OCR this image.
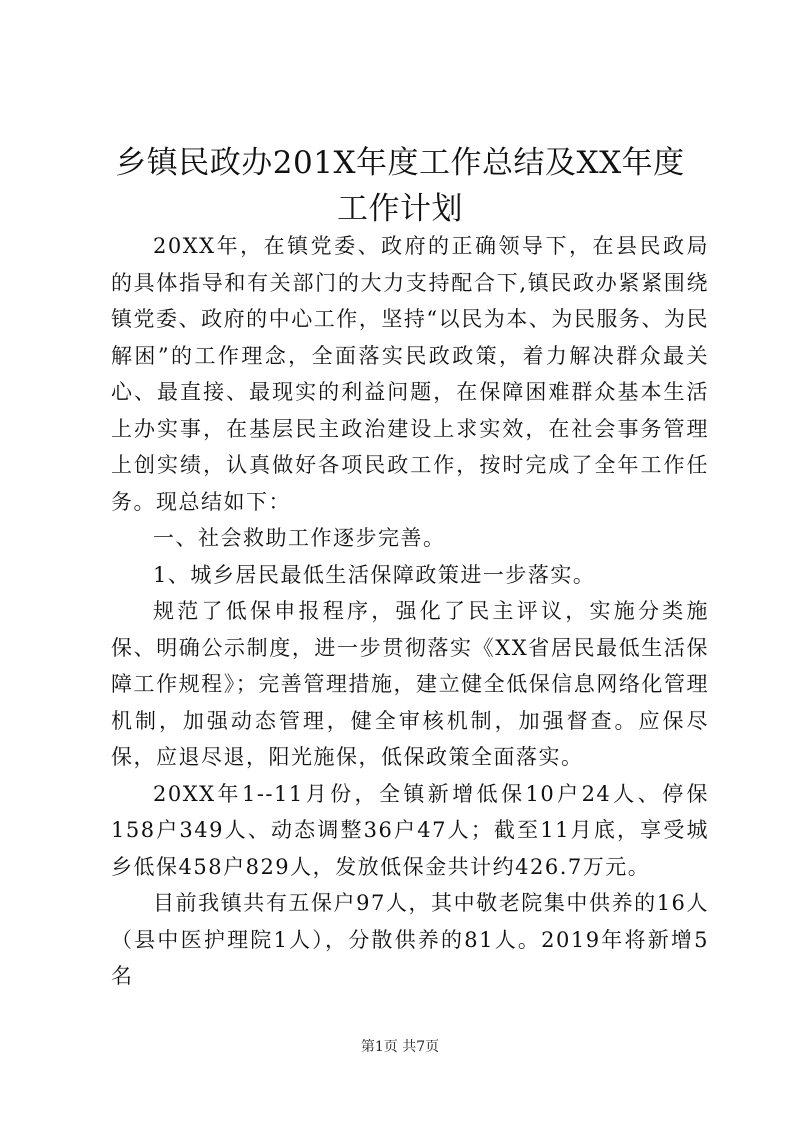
乡镇民政办201X年度工作总结及XX年度工作计划

20XX年，在镇党委、政府的正确领导下，在县民政局的具体指导和有关部门的大力支持配合下,镇民政办紧紧围绕镇党委、政府的中心工作，坚持“以民为本、为民服务、为民解困”的工作理念，全面落实民政政策，着力解决群众最关心、最直接、最现实的利益问题，在保障困难群众基本生活上办实事，在基层民主政治建设上求实效，在社会事务管理上创实绩，认真做好各项民政工作，按时完成了全年工作任务。现总结如下：

一、社会救助工作逐步完善。

1、城乡居民最低生活保障政策进一步落实。

规范了低保申报程序，强化了民主评议，实施分类施保、明确公示制度，进一步贯彻落实《XX省居民最低生活保障工作规程》；完善管理措施，建立健全低保信息网络化管理机制，加强动态管理，健全审核机制，加强督查。应保尽保，应退尽退，阳光施保，低保政策全面落实。

20XX年1--11月份，全镇新增低保10户24人、停保158户349人、动态调整36户47人；截至11月底，享受城乡低保458户829人，发放低保金共计约426.7万元。

目前我镇共有五保户97人，其中敬老院集中供养的16人（县中医护理院1人），分散供养的81人。2019年将新增5名

第1页 共7页
